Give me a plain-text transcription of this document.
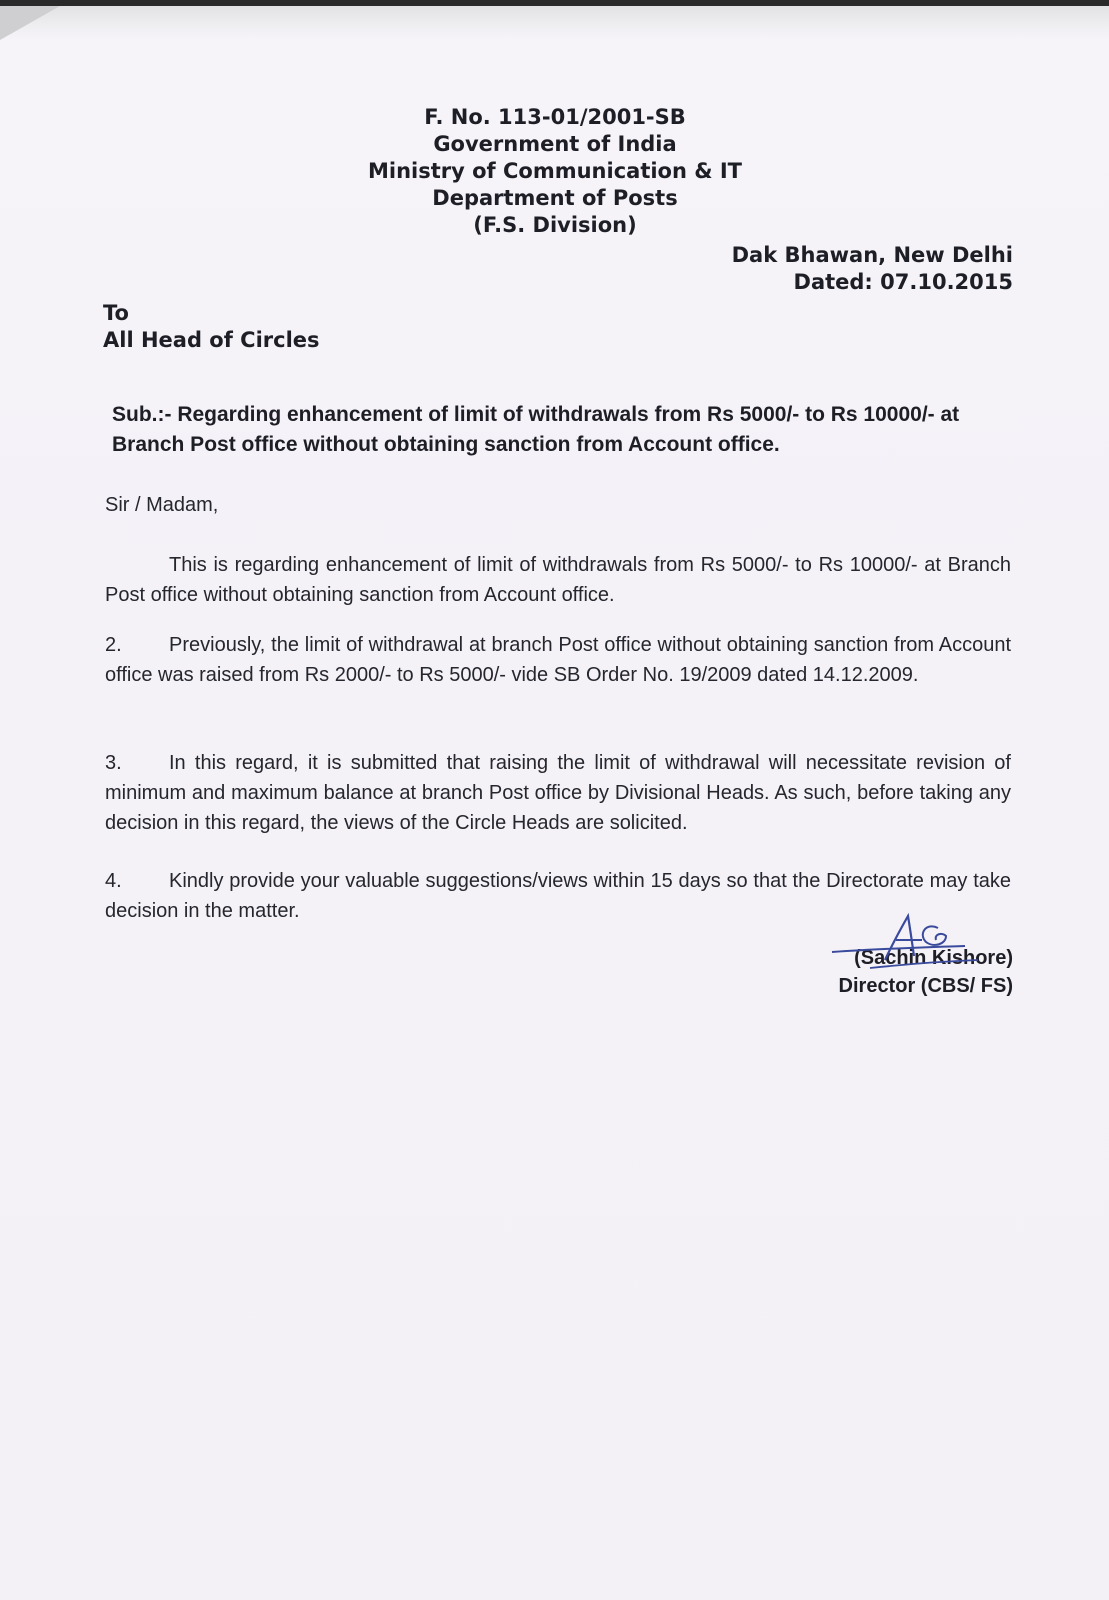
F. No. 113-01/2001-SB
Government of India
Ministry of Communication & IT
Department of Posts
(F.S. Division)
Dak Bhawan, New Delhi
Dated: 07.10.2015
To
All Head of Circles
Sub.:- Regarding enhancement of limit of withdrawals from Rs 5000/- to Rs 10000/- at Branch Post office without obtaining sanction from Account office.
Sir / Madam,
This is regarding enhancement of limit of withdrawals from Rs 5000/- to Rs 10000/- at Branch Post office without obtaining sanction from Account office.
2. Previously, the limit of withdrawal at branch Post office without obtaining sanction from Account office was raised from Rs 2000/- to Rs 5000/- vide SB Order No. 19/2009 dated 14.12.2009.
3. In this regard, it is submitted that raising the limit of withdrawal will necessitate revision of minimum and maximum balance at branch Post office by Divisional Heads. As such, before taking any decision in this regard, the views of the Circle Heads are solicited.
4. Kindly provide your valuable suggestions/views within 15 days so that the Directorate may take decision in the matter.
(Sachin Kishore)
Director (CBS/ FS)
